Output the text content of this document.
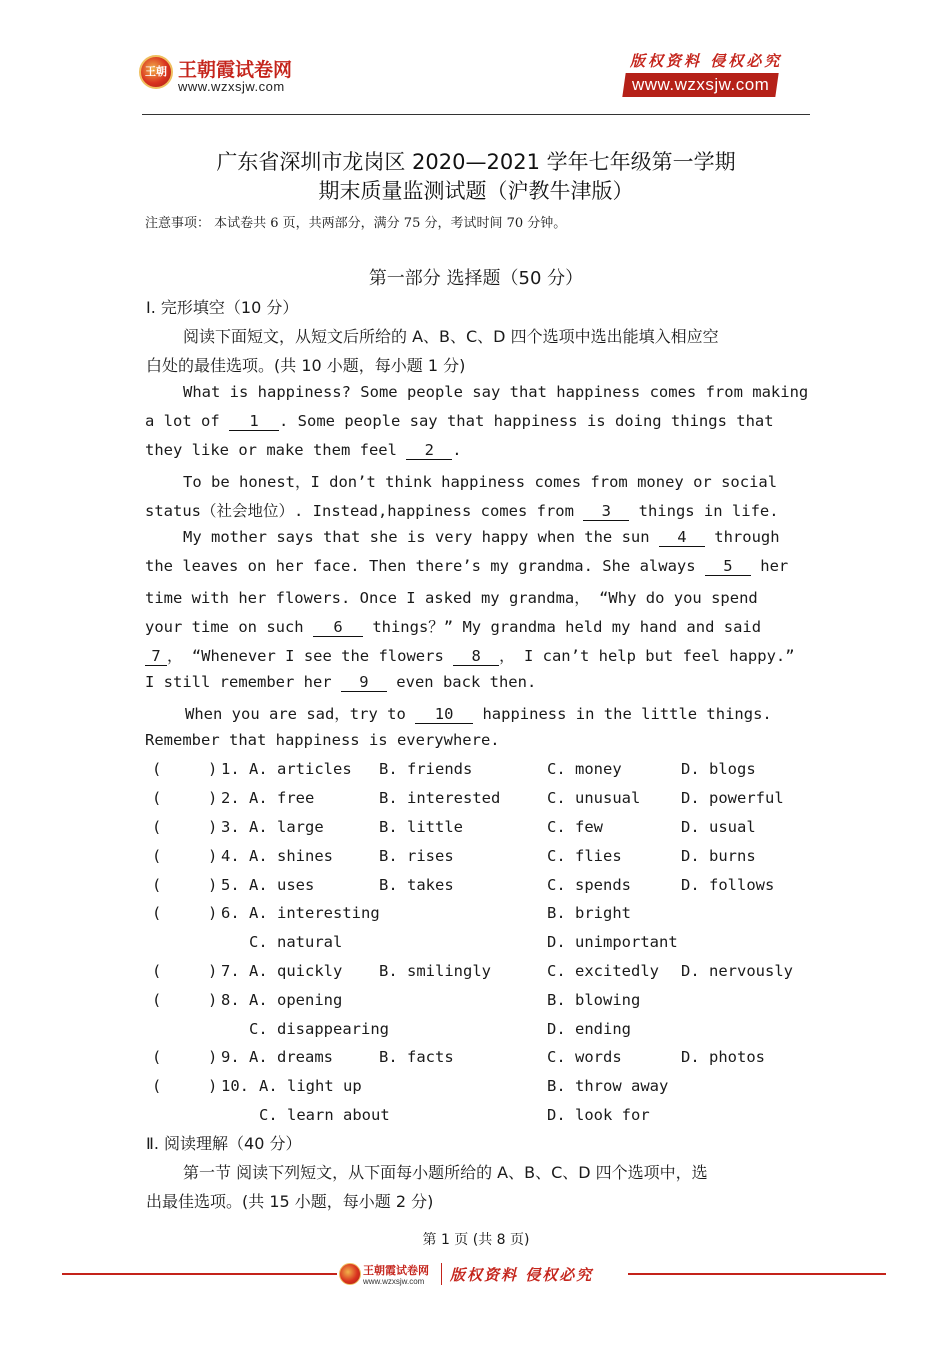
王朝 王朝霞试卷网
www.wzxsjw.com
版权资料 侵权必究
www.wzxsjw.com
广东省深圳市龙岗区 2020—2021 学年七年级第一学期
期末质量监测试题（沪教牛津版）
注意事项： 本试卷共 6 页，共两部分，满分 75 分，考试时间 70 分钟。
第一部分 选择题（50 分）
Ⅰ. 完形填空（10 分）
阅读下面短文，从短文后所给的 A、B、C、D 四个选项中选出能填入相应空
白处的最佳选项。(共 10 小题，每小题 1 分)
What is happiness? Some people say that happiness comes from making
a lot of 1 . Some people say that happiness is doing things that
they like or make them feel 2 .
To be honest，I don’t think happiness comes from money or social
status（社会地位）. Instead,happiness comes from 3 things in life.
My mother says that she is very happy when the sun 4 through
the leaves on her face. Then there’s my grandma. She always 5 her
time with her flowers. Once I asked my grandma， “Why do you spend
your time on such 6 things？” My grandma held my hand and said
7 ， “Whenever I see the flowers 8 ， I can’t help but feel happy.”
I still remember her 9 even back then.
When you are sad，try to 10 happiness in the little things.
Remember that happiness is everywhere.
(	) 1. A. articles B. friends	C. money	D. blogs
(	) 2. A. free	B. interested	C. unusual	D. powerful
(	) 3. A. large	B. little	C. few	D. usual
(	) 4. A. shines	B. rises	C. flies	D. burns
(	) 5. A. uses	B. takes	C. spends	D. follows
(	) 6. A. interesting	B. bright
C. natural	D. unimportant
(	) 7. A. quickly B. smilingly	C. excitedly D. nervously
(	) 8. A. opening	B. blowing
C. disappearing	D. ending
(	) 9. A. dreams	B. facts	C. words	D. photos
(	) 10. A. light up	B. throw away
C. learn about	D. look for
Ⅱ. 阅读理解（40 分）
第一节 阅读下列短文，从下面每小题所给的 A、B、C、D 四个选项中，选
出最佳选项。(共 15 小题，每小题 2 分)
第 1 页 (共 8 页)
王朝霞试卷网
www.wzxsjw.com 版权资料 侵权必究
